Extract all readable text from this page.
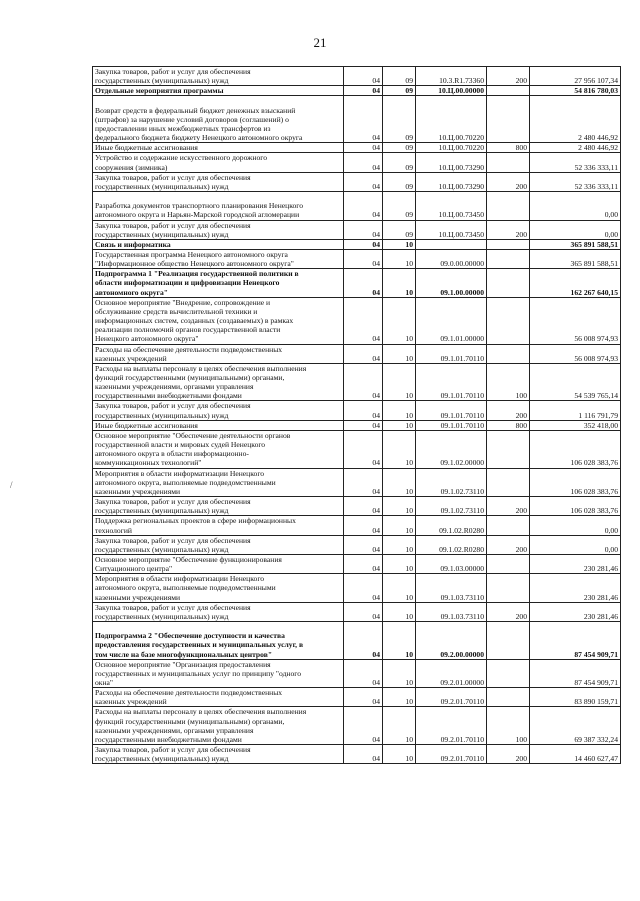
21
/
Закупка товаров, работ и услуг для обеспечения
государственных (муниципальных) нужд	04	09	10.3.R1.73360	200	27 956 107,34
Отдельные мероприятия программы	04	09	10.Ц.00.00000		54 816 780,03

Возврат средств в федеральный бюджет денежных взысканий
(штрафов) за нарушение условий договоров (соглашений) о
предоставлении иных межбюджетных трансфертов из
федерального бюджета бюджету Ненецкого автономного округа	04	09	10.Ц.00.70220		2 480 446,92
Иные бюджетные ассигнования	04	09	10.Ц.00.70220	800	2 480 446,92
Устройство и содержание искусственного дорожного
сооружения (зимника)	04	09	10.Ц.00.73290		52 336 333,11
Закупка товаров, работ и услуг для обеспечения
государственных (муниципальных) нужд	04	09	10.Ц.00.73290	200	52 336 333,11

Разработка документов транспортного планирования Ненецкого
автономного округа и Нарьян-Марской городской агломерации	04	09	10.Ц.00.73450		0,00
Закупка товаров, работ и услуг для обеспечения
государственных (муниципальных) нужд	04	09	10.Ц.00.73450	200	0,00
Связь и информатика	04	10			365 891 588,51
Государственная программа Ненецкого автономного округа
"Информационное общество Ненецкого автономного округа"	04	10	09.0.00.00000		365 891 588,51
Подпрограмма 1 "Реализация государственной политики в
области информатизации и цифровизации Ненецкого
автономного округа"	04	10	09.1.00.00000		162 267 640,15
Основное мероприятие "Внедрение, сопровождение и
обслуживание средств вычислительной техники и
информационных систем, созданных (создаваемых) в рамках
реализации полномочий органов государственной власти
Ненецкого автономного округа"	04	10	09.1.01.00000		56 008 974,93
Расходы на обеспечение деятельности подведомственных
казенных учреждений	04	10	09.1.01.70110		56 008 974,93
Расходы на выплаты персоналу в целях обеспечения выполнения
функций государственными (муниципальными) органами,
казенными учреждениями, органами управления
государственными внебюджетными фондами	04	10	09.1.01.70110	100	54 539 765,14
Закупка товаров, работ и услуг для обеспечения
государственных (муниципальных) нужд	04	10	09.1.01.70110	200	1 116 791,79
Иные бюджетные ассигнования	04	10	09.1.01.70110	800	352 418,00
Основное мероприятие "Обеспечение деятельности органов
государственной власти и мировых судей Ненецкого
автономного округа в области информационно-
коммуникационных технологий"	04	10	09.1.02.00000		106 028 383,76
Мероприятия в области информатизации Ненецкого
автономного округа, выполняемые подведомственными
казенными учреждениями	04	10	09.1.02.73110		106 028 383,76
Закупка товаров, работ и услуг для обеспечения
государственных (муниципальных) нужд	04	10	09.1.02.73110	200	106 028 383,76
Поддержка региональных проектов в сфере информационных
технологий	04	10	09.1.02.R0280		0,00
Закупка товаров, работ и услуг для обеспечения
государственных (муниципальных) нужд	04	10	09.1.02.R0280	200	0,00
Основное мероприятие "Обеспечение функционирования
Ситуационного центра"	04	10	09.1.03.00000		230 281,46
Мероприятия в области информатизации Ненецкого
автономного округа, выполняемые подведомственными
казенными учреждениями	04	10	09.1.03.73110		230 281,46
Закупка товаров, работ и услуг для обеспечения
государственных (муниципальных) нужд	04	10	09.1.03.73110	200	230 281,46

Подпрограмма 2 "Обеспечение доступности и качества
предоставления государственных и муниципальных услуг, в
том числе на базе многофункциональных центров"	04	10	09.2.00.00000		87 454 909,71
Основное мероприятие "Организация предоставления
государственных и муниципальных услуг по принципу "одного
окна"	04	10	09.2.01.00000		87 454 909,71
Расходы на обеспечение деятельности подведомственных
казенных учреждений	04	10	09.2.01.70110		83 890 159,71
Расходы на выплаты персоналу в целях обеспечения выполнения
функций государственными (муниципальными) органами,
казенными учреждениями, органами управления
государственными внебюджетными фондами	04	10	09.2.01.70110	100	69 387 332,24
Закупка товаров, работ и услуг для обеспечения
государственных (муниципальных) нужд	04	10	09.2.01.70110	200	14 460 627,47
